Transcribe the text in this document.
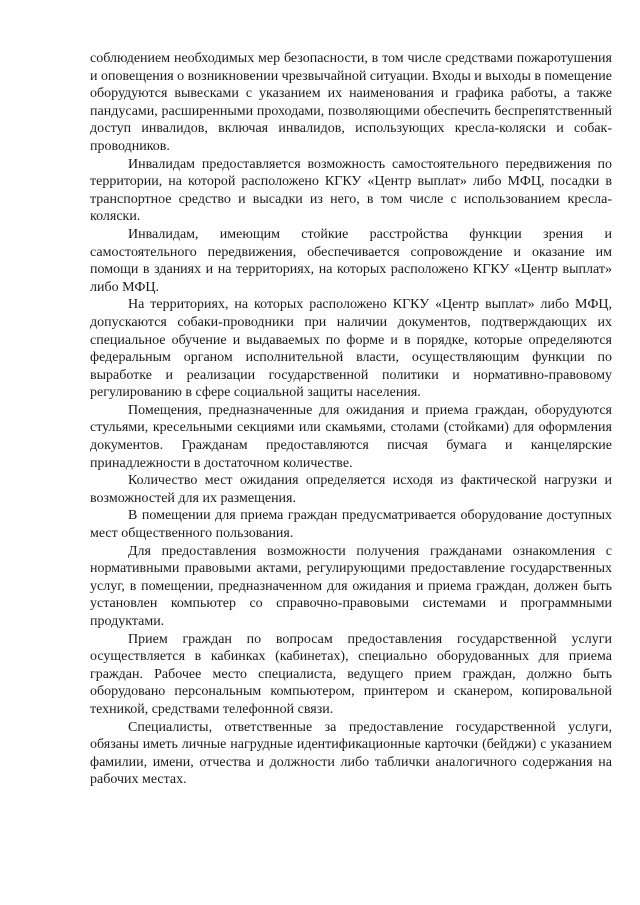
соблюдением необходимых мер безопасности, в том числе средствами пожаротушения и оповещения о возникновении чрезвычайной ситуации. Входы и выходы в помещение оборудуются вывесками с указанием их наименования и графика работы, а также пандусами, расширенными проходами, позволяющими обеспечить беспрепятственный доступ инвалидов, включая инвалидов, использующих кресла-коляски и собак-проводников.

Инвалидам предоставляется возможность самостоятельного передвижения по территории, на которой расположено КГКУ «Центр выплат» либо МФЦ, посадки в транспортное средство и высадки из него, в том числе с использованием кресла-коляски.

Инвалидам, имеющим стойкие расстройства функции зрения и самостоятельного передвижения, обеспечивается сопровождение и оказание им помощи в зданиях и на территориях, на которых расположено КГКУ «Центр выплат» либо МФЦ.

На территориях, на которых расположено КГКУ «Центр выплат» либо МФЦ, допускаются собаки-проводники при наличии документов, подтверждающих их специальное обучение и выдаваемых по форме и в порядке, которые определяются федеральным органом исполнительной власти, осуществляющим функции по выработке и реализации государственной политики и нормативно-правовому регулированию в сфере социальной защиты населения.

Помещения, предназначенные для ожидания и приема граждан, оборудуются стульями, кресельными секциями или скамьями, столами (стойками) для оформления документов. Гражданам предоставляются писчая бумага и канцелярские принадлежности в достаточном количестве.

Количество мест ожидания определяется исходя из фактической нагрузки и возможностей для их размещения.

В помещении для приема граждан предусматривается оборудование доступных мест общественного пользования.

Для предоставления возможности получения гражданами ознакомления с нормативными правовыми актами, регулирующими предоставление государственных услуг, в помещении, предназначенном для ожидания и приема граждан, должен быть установлен компьютер со справочно-правовыми системами и программными продуктами.

Прием граждан по вопросам предоставления государственной услуги осуществляется в кабинках (кабинетах), специально оборудованных для приема граждан. Рабочее место специалиста, ведущего прием граждан, должно быть оборудовано персональным компьютером, принтером и сканером, копировальной техникой, средствами телефонной связи.

Специалисты, ответственные за предоставление государственной услуги, обязаны иметь личные нагрудные идентификационные карточки (бейджи) с указанием фамилии, имени, отчества и должности либо таблички аналогичного содержания на рабочих местах.
